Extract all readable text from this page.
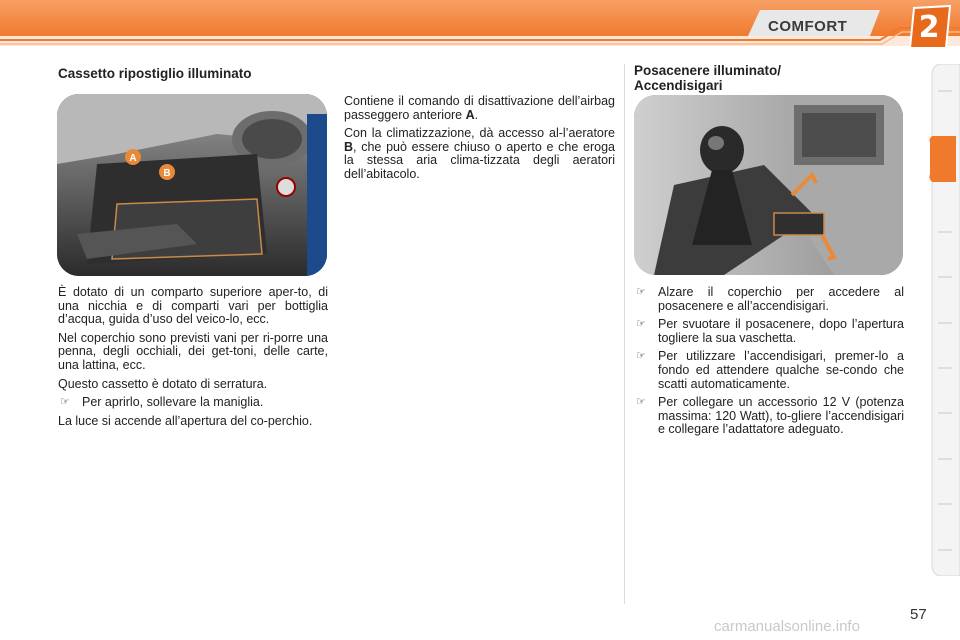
COMFORT	2
Cassetto ripostiglio illuminato
A
B

È dotato di un comparto superiore aper-to, di una nicchia e di comparti vari per bottiglia d’acqua, guida d’uso del veico-lo, ecc.

Nel coperchio sono previsti vani per ri-porre una penna, degli occhiali, dei get-toni, delle carte, una lattina, ecc.

Questo cassetto è dotato di serratura.

☞ Per aprirlo, sollevare la maniglia.

La luce si accende all’apertura del co-perchio.

Contiene il comando di disattivazione dell’airbag passeggero anteriore A.

Con la climatizzazione, dà accesso al-l’aeratore B, che può essere chiuso o aperto e che eroga la stessa aria clima-tizzata degli aeratori dell’abitacolo.

Posacenere illuminato/ Accendisigari
☞ Alzare il coperchio per accedere al posacenere e all’accendisigari.
☞ Per svuotare il posacenere, dopo l’apertura togliere la sua vaschetta.
☞ Per utilizzare l’accendisigari, premer-lo a fondo ed attendere qualche se-condo che scatti automaticamente.
☞ Per collegare un accessorio 12 V (potenza massima: 120 Watt), to-gliere l’accendisigari e collegare l’adattatore adeguato.
57
carmanualsonline.info
